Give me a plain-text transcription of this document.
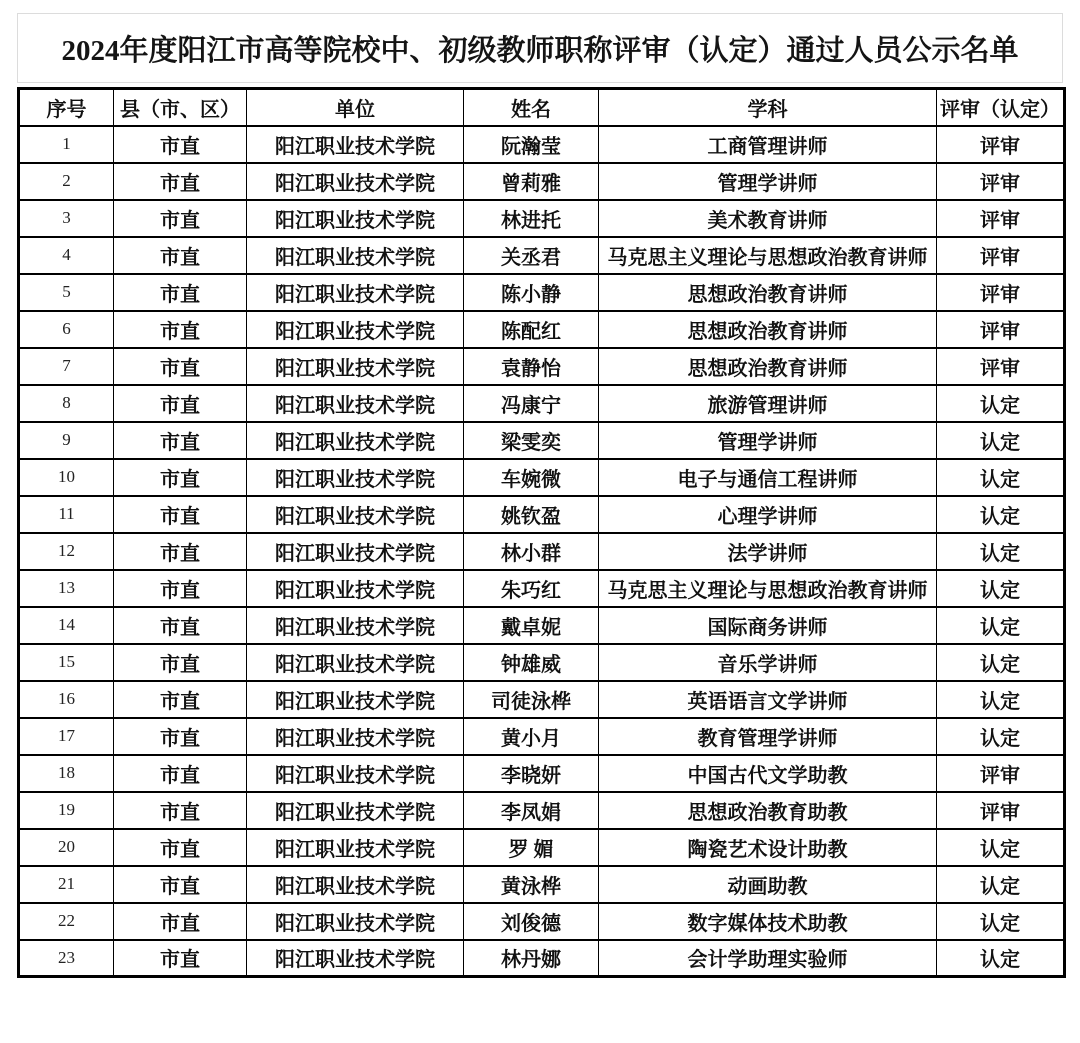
2024年度阳江市高等院校中、初级教师职称评审（认定）通过人员公示名单
序号	县（市、区）	单位	姓名	学科	评审（认定）
1	市直	阳江职业技术学院	阮瀚莹	工商管理讲师	评审
2	市直	阳江职业技术学院	曾莉雅	管理学讲师	评审
3	市直	阳江职业技术学院	林进托	美术教育讲师	评审
4	市直	阳江职业技术学院	关丞君	马克思主义理论与思想政治教育讲师	评审
5	市直	阳江职业技术学院	陈小静	思想政治教育讲师	评审
6	市直	阳江职业技术学院	陈配红	思想政治教育讲师	评审
7	市直	阳江职业技术学院	袁静怡	思想政治教育讲师	评审
8	市直	阳江职业技术学院	冯康宁	旅游管理讲师	认定
9	市直	阳江职业技术学院	梁雯奕	管理学讲师	认定
10	市直	阳江职业技术学院	车婉微	电子与通信工程讲师	认定
11	市直	阳江职业技术学院	姚钦盈	心理学讲师	认定
12	市直	阳江职业技术学院	林小群	法学讲师	认定
13	市直	阳江职业技术学院	朱巧红	马克思主义理论与思想政治教育讲师	认定
14	市直	阳江职业技术学院	戴卓妮	国际商务讲师	认定
15	市直	阳江职业技术学院	钟雄威	音乐学讲师	认定
16	市直	阳江职业技术学院	司徒泳桦	英语语言文学讲师	认定
17	市直	阳江职业技术学院	黄小月	教育管理学讲师	认定
18	市直	阳江职业技术学院	李晓妍	中国古代文学助教	评审
19	市直	阳江职业技术学院	李凤娟	思想政治教育助教	评审
20	市直	阳江职业技术学院	罗 媚	陶瓷艺术设计助教	认定
21	市直	阳江职业技术学院	黄泳桦	动画助教	认定
22	市直	阳江职业技术学院	刘俊德	数字媒体技术助教	认定
23	市直	阳江职业技术学院	林丹娜	会计学助理实验师	认定
